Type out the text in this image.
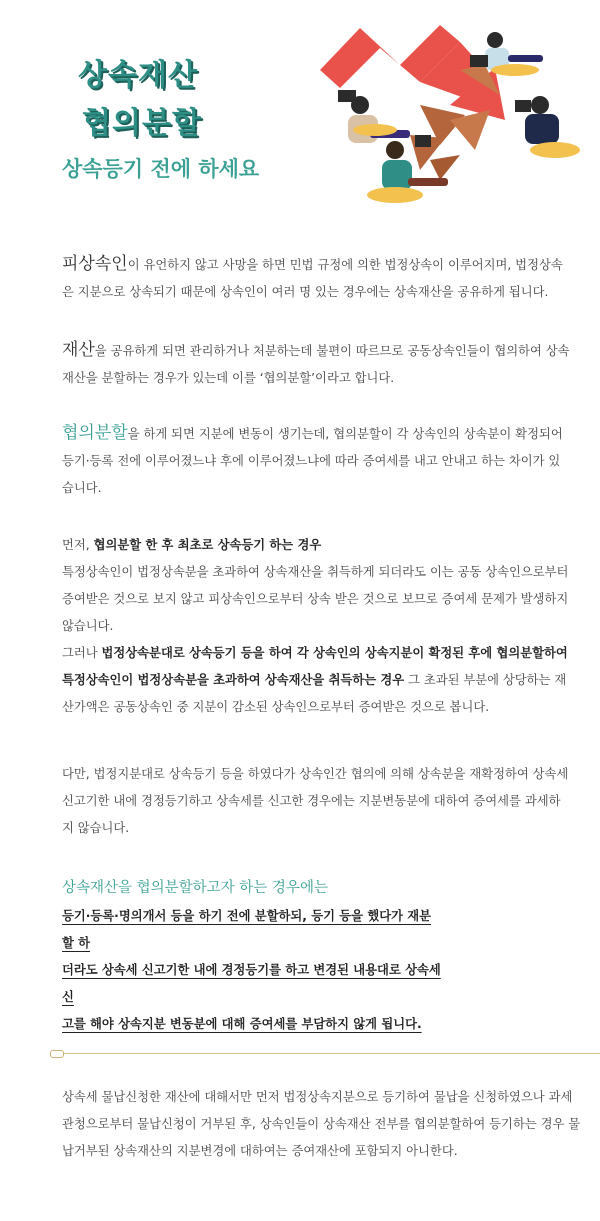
상속재산
협의분할
상속등기 전에 하세요
피상속인이 유언하지 않고 사망을 하면 민법 규정에 의한 법정상속이 이루어지며, 법정상속은 지분으로 상속되기 때문에 상속인이 여러 명 있는 경우에는 상속재산을 공유하게 됩니다.
재산을 공유하게 되면 관리하거나 처분하는데 불편이 따르므로 공동상속인들이 협의하여 상속재산을 분할하는 경우가 있는데 이를 ‘협의분할’이라고 합니다.
협의분할을 하게 되면 지분에 변동이 생기는데, 협의분할이 각 상속인의 상속분이 확정되어 등기·등록 전에 이루어졌느냐 후에 이루어졌느냐에 따라 증여세를 내고 안내고 하는 차이가 있습니다.
먼저, 협의분할 한 후 최초로 상속등기 하는 경우
특정상속인이 법정상속분을 초과하여 상속재산을 취득하게 되더라도 이는 공동 상속인으로부터 증여받은 것으로 보지 않고 피상속인으로부터 상속 받은 것으로 보므로 증여세 문제가 발생하지 않습니다.
그러나 법정상속분대로 상속등기 등을 하여 각 상속인의 상속지분이 확정된 후에 협의분할하여 특정상속인이 법정상속분을 초과하여 상속재산을 취득하는 경우 그 초과된 부분에 상당하는 재산가액은 공동상속인 중 지분이 감소된 상속인으로부터 증여받은 것으로 봅니다.
다만, 법정지분대로 상속등기 등을 하였다가 상속인간 협의에 의해 상속분을 재확정하여 상속세 신고기한 내에 경정등기하고 상속세를 신고한 경우에는 지분변동분에 대하여 증여세를 과세하지 않습니다.
상속재산을 협의분할하고자 하는 경우에는
등기·등록·명의개서 등을 하기 전에 분할하되, 등기 등을 했다가 재분할 하
더라도 상속세 신고기한 내에 경정등기를 하고 변경된 내용대로 상속세 신
고를 해야 상속지분 변동분에 대해 증여세를 부담하지 않게 됩니다.
상속세 물납신청한 재산에 대해서만 먼저 법정상속지분으로 등기하여 물납을 신청하였으나 과세관청으로부터 물납신청이 거부된 후, 상속인들이 상속재산 전부를 협의분할하여 등기하는 경우 물납거부된 상속재산의 지분변경에 대하여는 증여재산에 포함되지 아니한다.
